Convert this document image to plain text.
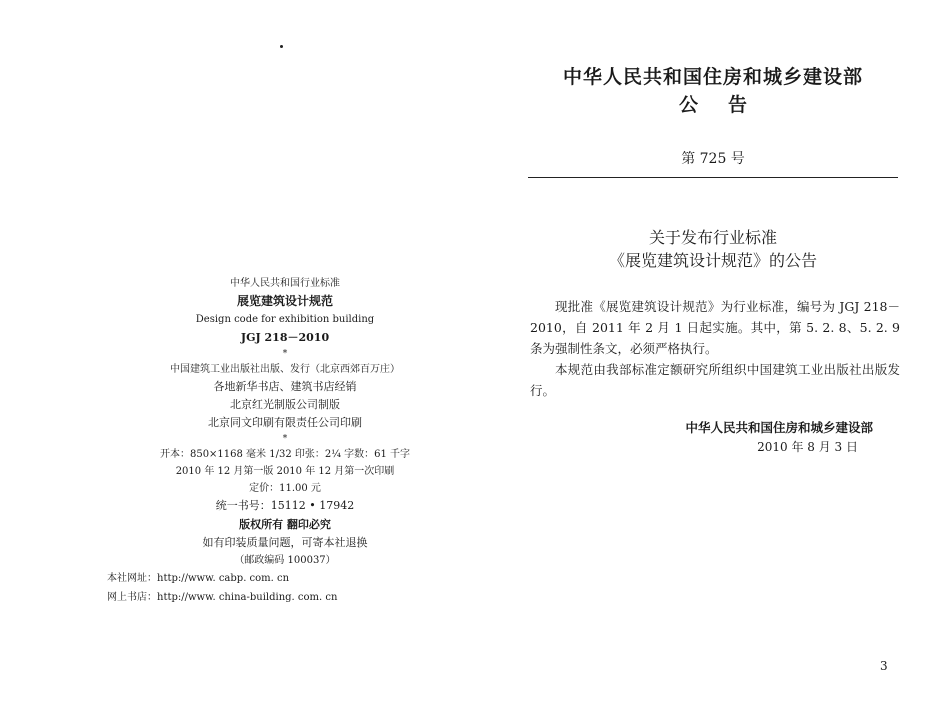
中华人民共和国行业标准

展览建筑设计规范

Design code for exhibition building

JGJ 218－2010

*

中国建筑工业出版社出版、发行（北京西郊百万庄）

各地新华书店、建筑书店经销

北京红光制版公司制版

北京同文印刷有限责任公司印刷

*

开本：850×1168 毫米 1/32 印张：2¼ 字数：61 千字

2010 年 12 月第一版 2010 年 12 月第一次印刷

定价：11.00 元

统一书号：15112 • 17942

版权所有 翻印必究

如有印装质量问题，可寄本社退换

（邮政编码 100037）

本社网址：http://www. cabp. com. cn

网上书店：http://www. china-building. com. cn

中华人民共和国住房和城乡建设部
公告
第 725 号
关于发布行业标准
《展览建筑设计规范》的公告

现批准《展览建筑设计规范》为行业标准，编号为 JGJ 218－2010，自 2011 年 2 月 1 日起实施。其中，第 5. 2. 8、5. 2. 9 条为强制性条文，必须严格执行。

本规范由我部标准定额研究所组织中国建筑工业出版社出版发行。

中华人民共和国住房和城乡建设部
2010 年 8 月 3 日
3
